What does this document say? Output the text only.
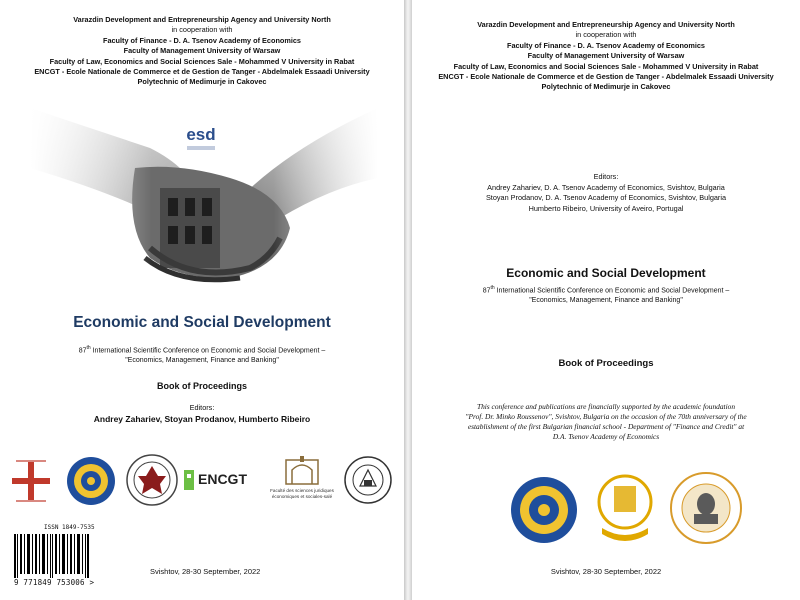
Varazdin Development and Entrepreneurship Agency and University North
in cooperation with
Faculty of Finance - D. A. Tsenov Academy of Economics
Faculty of Management University of Warsaw
Faculty of Law, Economics and Social Sciences Sale - Mohammed V University in Rabat
ENCGT - Ecole Nationale de Commerce et de Gestion de Tanger - Abdelmalek Essaadi University
Polytechnic of Medimurje in Cakovec
esd
Economic and Social Development
87th International Scientific Conference on Economic and Social Development –
"Economics, Management, Finance and Banking"
Book of Proceedings
Editors:
Andrey Zahariev, Stoyan Prodanov, Humberto Ribeiro
ENCGT
Faculté des sciences juridiques
économiques et sociales-salé
ISSN 1849-7535
9 771849 753006 >
Svishtov, 28-30 September, 2022
Varazdin Development and Entrepreneurship Agency and University North
in cooperation with
Faculty of Finance - D. A. Tsenov Academy of Economics
Faculty of Management University of Warsaw
Faculty of Law, Economics and Social Sciences Sale - Mohammed V University in Rabat
ENCGT - Ecole Nationale de Commerce et de Gestion de Tanger - Abdelmalek Essaadi University
Polytechnic of Medimurje in Cakovec
Editors:
Andrey Zahariev, D. A. Tsenov Academy of Economics, Svishtov, Bulgaria
Stoyan Prodanov, D. A. Tsenov Academy of Economics, Svishtov, Bulgaria
Humberto Ribeiro, University of Aveiro, Portugal
Economic and Social Development
87th International Scientific Conference on Economic and Social Development –
"Economics, Management, Finance and Banking"
Book of Proceedings
This conference and publications are financially supported by the academic foundation
"Prof. Dr. Minko Roussenov", Svishtov, Bulgaria on the occasion of the 70th anniversary of the
establishment of the first Bulgarian financial school - Department of "Finance and Credit" at
D.A. Tsenov Academy of Economics
Svishtov, 28-30 September, 2022
